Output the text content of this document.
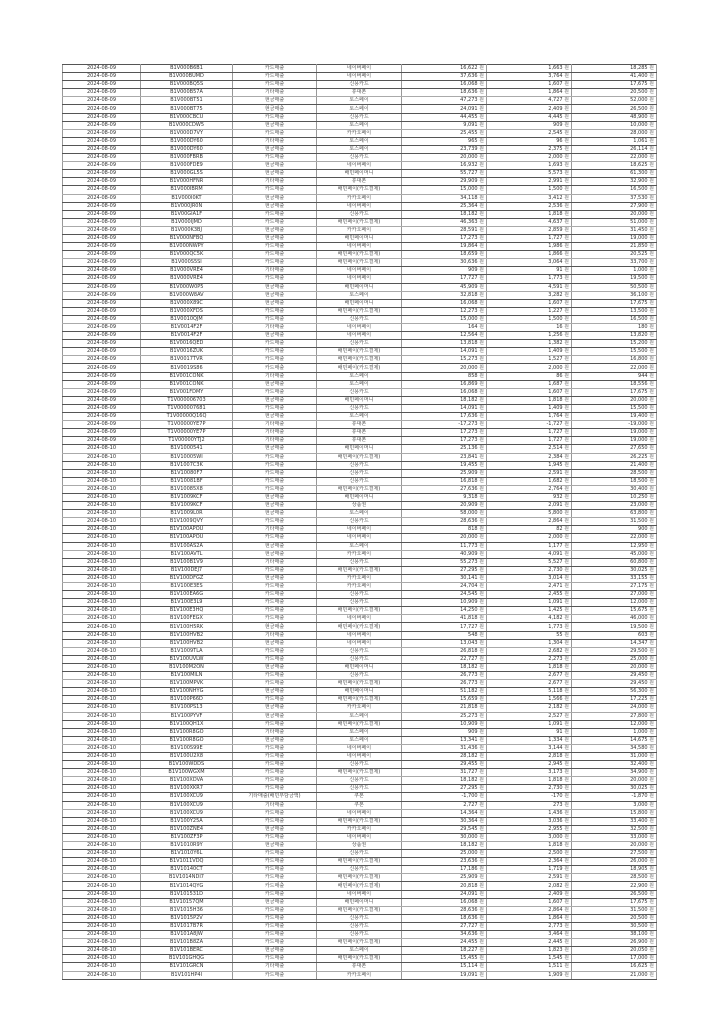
2024-08-09	B1V000B6B1	카드매출	네이버페이	16,622 원	1,663 원	18,285 원
2024-08-09	B1V000BUMD	카드매출	네이버페이	37,636 원	3,764 원	41,400 원
2024-08-09	B1V000BQ5S	카드매출	신용카드	16,068 원	1,607 원	17,675 원
2024-08-09	B1V000B57A	기타매출	휴대폰	18,636 원	1,864 원	20,500 원
2024-08-09	B1V000BT51	현금매출	토스페이	47,273 원	4,727 원	52,000 원
2024-08-09	B1V000BT75	현금매출	토스페이	24,091 원	2,409 원	26,500 원
2024-08-09	B1V000CBCU	카드매출	신용카드	44,455 원	4,445 원	48,900 원
2024-08-09	B1V000CDW5	현금매출	토스페이	9,091 원	909 원	10,000 원
2024-08-09	B1V000D7VY	카드매출	카카오페이	25,455 원	2,545 원	28,000 원
2024-08-09	B1V000DY60	기타매출	토스페이	965 원	96 원	1,061 원
2024-08-09	B1V000DY60	현금매출	토스페이	23,739 원	2,375 원	26,114 원
2024-08-09	B1V000FBRB	카드매출	신용카드	20,000 원	2,000 원	22,000 원
2024-08-09	B1V000FDE9	현금매출	네이버페이	16,932 원	1,693 원	18,625 원
2024-08-09	B1V000GL5S	현금매출	배민페이머니	55,727 원	5,573 원	61,300 원
2024-08-09	B1V000HFNR	기타매출	휴대폰	29,909 원	2,991 원	32,900 원
2024-08-09	B1V000IBRM	카드매출	배민페이(카드결제)	15,000 원	1,500 원	16,500 원
2024-08-09	B1V000I0KT	현금매출	카카오페이	34,118 원	3,412 원	37,530 원
2024-08-09	B1V000JR0N	현금매출	네이버페이	25,364 원	2,536 원	27,900 원
2024-08-09	B1V00GIA1F	카드매출	신용카드	18,182 원	1,818 원	20,000 원
2024-08-09	B1V000IJMD	카드매출	배민페이(카드결제)	46,363 원	4,637 원	51,000 원
2024-08-09	B1V000K3BJ	현금매출	카카오페이	28,591 원	2,859 원	31,450 원
2024-08-09	B1V000NFBQ	현금매출	배민페이머니	17,273 원	1,727 원	19,000 원
2024-08-09	B1V000NWPY	카드매출	네이버페이	19,864 원	1,986 원	21,850 원
2024-08-09	B1V000QC5K	카드매출	배민페이(카드결제)	18,659 원	1,866 원	20,525 원
2024-08-09	B1V000S5SI	카드매출	배민페이(카드결제)	30,636 원	3,064 원	33,700 원
2024-08-09	B1V000VRE4	기타매출	네이버페이	909 원	91 원	1,000 원
2024-08-09	B1V000VRE4	카드매출	네이버페이	17,727 원	1,773 원	19,500 원
2024-08-09	B1V000W0P5	현금매출	배민페이머니	45,909 원	4,591 원	50,500 원
2024-08-09	B1V000W8AV	현금매출	토스페이	32,818 원	3,282 원	36,100 원
2024-08-09	B1V000X89C	현금매출	배민페이머니	16,068 원	1,607 원	17,675 원
2024-08-09	B1V000XFDS	카드매출	배민페이(카드결제)	12,273 원	1,227 원	13,500 원
2024-08-09	B1V0010QJM	카드매출	신용카드	15,000 원	1,500 원	16,500 원
2024-08-09	B1V0014F2F	기타매출	네이버페이	164 원	16 원	180 원
2024-08-09	B1V0014F2F	현금매출	네이버페이	12,564 원	1,256 원	13,820 원
2024-08-09	B1V0016QED	카드매출	신용카드	13,818 원	1,382 원	15,200 원
2024-08-09	B1V0016ZUK	카드매출	배민페이(카드결제)	14,091 원	1,409 원	15,500 원
2024-08-09	B1V0017TVR	카드매출	배민페이(카드결제)	15,273 원	1,527 원	16,800 원
2024-08-09	B1V0019S86	카드매출	배민페이(카드결제)	20,000 원	2,000 원	22,000 원
2024-08-09	B1V001CONK	기타매출	토스페이	858 원	86 원	944 원
2024-08-09	B1V001CONK	현금매출	토스페이	16,869 원	1,687 원	18,556 원
2024-08-09	B1V001FDMY	카드매출	신용카드	16,068 원	1,607 원	17,675 원
2024-08-09	T1V000006703	현금매출	배민페이머니	18,182 원	1,818 원	20,000 원
2024-08-09	T1V000007681	카드매출	신용카드	14,091 원	1,409 원	15,500 원
2024-08-09	T1V00000Q16Q	현금매출	토스페이	17,636 원	1,764 원	19,400 원
2024-08-09	T1V00000YE7P	기타매출	휴대폰	-17,273 원	-1,727 원	-19,000 원
2024-08-09	T1V00000YE7P	기타매출	휴대폰	17,273 원	1,727 원	19,000 원
2024-08-09	T1V00000YTJ2	기타매출	휴대폰	17,273 원	1,727 원	19,000 원
2024-08-10	B1V1000541	현금매출	배민페이머니	25,136 원	2,514 원	27,650 원
2024-08-10	B1V10005WI	카드매출	배민페이(카드결제)	23,841 원	2,384 원	26,225 원
2024-08-10	B1V1007C3K	카드매출	신용카드	19,455 원	1,945 원	21,400 원
2024-08-10	B1V10080F7	카드매출	신용카드	25,909 원	2,591 원	28,500 원
2024-08-10	B1V10081BF	카드매출	신용카드	16,818 원	1,682 원	18,500 원
2024-08-10	B1V10085X8	카드매출	배민페이(카드결제)	27,636 원	2,764 원	30,400 원
2024-08-10	B1V1009KCF	현금매출	배민페이머니	9,318 원	932 원	10,250 원
2024-08-10	B1V1009KCF	현금매출	상품권	20,909 원	2,091 원	23,000 원
2024-08-10	B1V1009L0R	현금매출	토스페이	58,000 원	5,800 원	63,800 원
2024-08-10	B1V1009QVY	카드매출	신용카드	28,636 원	2,864 원	31,500 원
2024-08-10	B1V100APOU	기타매출	네이버페이	818 원	82 원	900 원
2024-08-10	B1V100APOU	카드매출	네이버페이	20,000 원	2,000 원	22,000 원
2024-08-10	B1V100AS2A	현금매출	토스페이	11,773 원	1,177 원	12,950 원
2024-08-10	B1V100AVTL	현금매출	카카오페이	40,909 원	4,091 원	45,000 원
2024-08-10	B1V100B1V9	기타매출	신용카드	55,273 원	5,527 원	60,800 원
2024-08-10	B1V100DEJ7	카드매출	배민페이(카드결제)	27,295 원	2,730 원	30,025 원
2024-08-10	B1V100DFGZ	현금매출	카카오페이	30,141 원	3,014 원	33,155 원
2024-08-10	B1V100E3ES	카드매출	카카오페이	24,704 원	2,471 원	27,175 원
2024-08-10	B1V100EA6G	카드매출	신용카드	24,545 원	2,455 원	27,000 원
2024-08-10	B1V100E3L9	카드매출	신용카드	10,909 원	1,091 원	12,000 원
2024-08-10	B1V100E3HQ	카드매출	배민페이(카드결제)	14,250 원	1,425 원	15,675 원
2024-08-10	B1V100FEGX	카드매출	네이버페이	41,818 원	4,182 원	46,000 원
2024-08-10	B1V100H5RK	현금매출	배민페이(카드결제)	17,727 원	1,773 원	19,500 원
2024-08-10	B1V100HVB2	기타매출	네이버페이	548 원	55 원	603 원
2024-08-10	B1V100HVB2	현금매출	네이버페이	13,043 원	1,304 원	14,347 원
2024-08-10	B1V1009TLA	카드매출	신용카드	26,818 원	2,682 원	29,500 원
2024-08-10	B1V100UVLW	카드매출	신용카드	22,727 원	2,273 원	25,000 원
2024-08-10	B1V100M2ON	현금매출	배민페이머니	18,182 원	1,818 원	20,000 원
2024-08-10	B1V100MILN	카드매출	신용카드	26,773 원	2,677 원	29,450 원
2024-08-10	B1V100MPVK	카드매출	배민페이(카드결제)	26,773 원	2,677 원	29,450 원
2024-08-10	B1V100NHYG	현금매출	배민페이머니	51,182 원	5,118 원	56,300 원
2024-08-10	B1V100P66D	카드매출	배민페이(카드결제)	15,659 원	1,566 원	17,225 원
2024-08-10	B1V100PS13	현금매출	카카오페이	21,818 원	2,182 원	24,000 원
2024-08-10	B1V100PYVF	현금매출	토스페이	25,273 원	2,527 원	27,800 원
2024-08-10	B1V100QH1X	카드매출	배민페이(카드결제)	10,909 원	1,091 원	12,000 원
2024-08-10	B1V100R8GO	기타매출	토스페이	909 원	91 원	1,000 원
2024-08-10	B1V100R8GO	현금매출	토스페이	13,341 원	1,334 원	14,675 원
2024-08-10	B1V100S99E	카드매출	네이버페이	31,436 원	3,144 원	34,580 원
2024-08-10	B1V100U2X8	카드매출	네이버페이	28,182 원	2,818 원	31,000 원
2024-08-10	B1V100WDDS	카드매출	신용카드	29,455 원	2,945 원	32,400 원
2024-08-10	B1V100WGXM	카드매출	배민페이(카드결제)	31,727 원	3,173 원	34,900 원
2024-08-10	B1V100XDVA	카드매출	신용카드	18,182 원	1,818 원	20,000 원
2024-08-10	B1V100XKR7	카드매출	신용카드	27,295 원	2,730 원	30,025 원
2024-08-10	B1V100XCU9	기타매출(배민부담금액)	쿠폰	-1,700 원	-170 원	-1,870 원
2024-08-10	B1V100XCU9	기타매출	쿠폰	2,727 원	273 원	3,000 원
2024-08-10	B1V100XCU9	카드매출	네이버페이	14,364 원	1,436 원	15,800 원
2024-08-10	B1V100Y25A	카드매출	배민페이(카드결제)	30,364 원	3,036 원	33,400 원
2024-08-10	B1V100ZNE4	현금매출	카카오페이	29,545 원	2,955 원	32,500 원
2024-08-10	B1V100ZF3P	카드매출	네이버페이	30,000 원	3,000 원	33,000 원
2024-08-10	B1V1010R9Y	현금매출	상품권	18,182 원	1,818 원	20,000 원
2024-08-10	B1V1010Y6L	카드매출	신용카드	25,000 원	2,500 원	27,500 원
2024-08-10	B1V1011VDQ	카드매출	배민페이(카드결제)	23,636 원	2,364 원	26,000 원
2024-08-10	B1V10140CT	카드매출	신용카드	17,186 원	1,719 원	18,905 원
2024-08-10	B1V1014NDI7	카드매출	배민페이(카드결제)	25,909 원	2,591 원	28,500 원
2024-08-10	B1V1014QYG	카드매출	배민페이(카드결제)	20,818 원	2,082 원	22,900 원
2024-08-10	B1V101531D	카드매출	네이버페이	24,091 원	2,409 원	26,500 원
2024-08-10	B1V10157QM	현금매출	배민페이머니	16,068 원	1,607 원	17,675 원
2024-08-10	B1V1015H36	카드매출	배민페이(카드결제)	28,636 원	2,864 원	31,500 원
2024-08-10	B1V1015P2V	카드매출	신용카드	18,636 원	1,864 원	20,500 원
2024-08-10	B1V1017B7R	카드매출	신용카드	27,727 원	2,773 원	30,500 원
2024-08-10	B1V101A8JW	카드매출	신용카드	34,636 원	3,464 원	38,100 원
2024-08-10	B1V101B8ZA	카드매출	배민페이(카드결제)	24,455 원	2,445 원	26,900 원
2024-08-10	B1V101BERC	현금매출	토스페이	18,227 원	1,823 원	20,050 원
2024-08-10	B1V101GHQG	카드매출	배민페이(카드결제)	15,455 원	1,545 원	17,000 원
2024-08-10	B1V101GRCN	기타매출	휴대폰	15,114 원	1,511 원	16,625 원
2024-08-10	B1V101HP4I	카드매출	카카오페이	19,091 원	1,909 원	21,000 원
